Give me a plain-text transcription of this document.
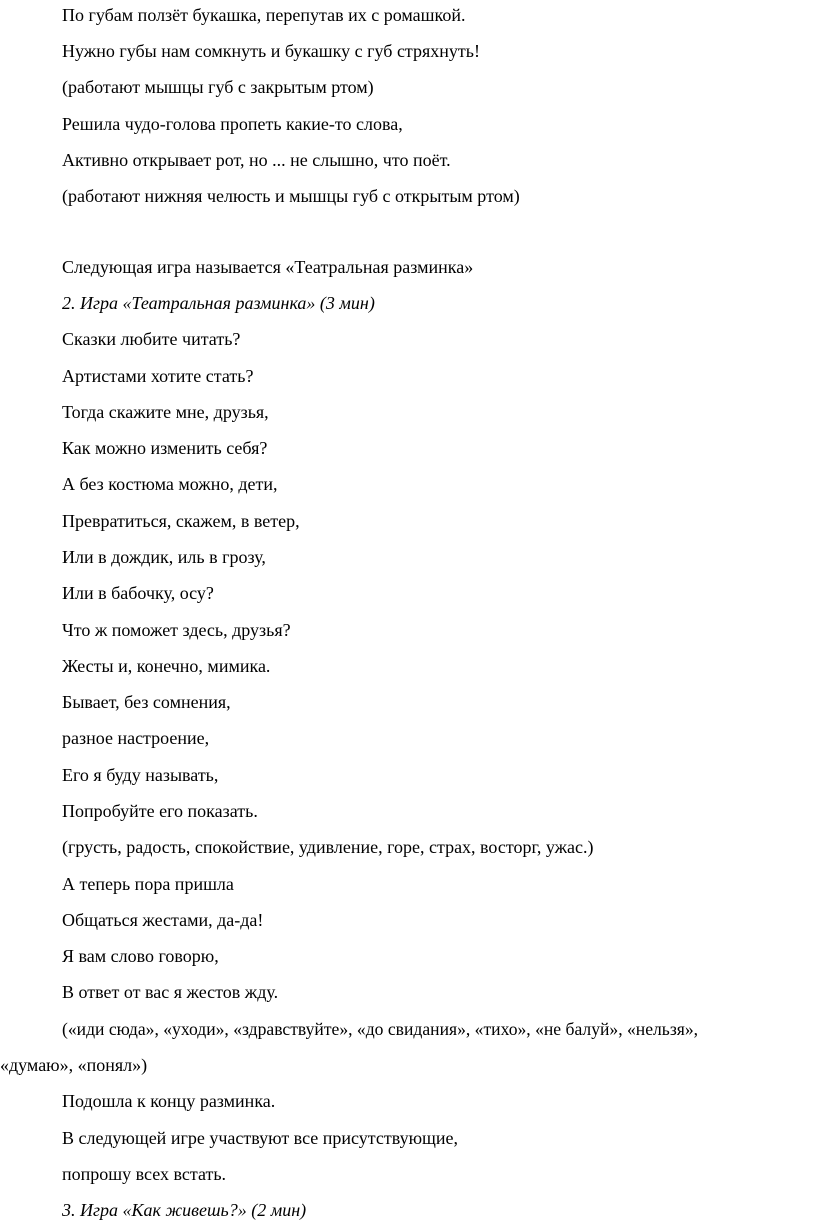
По губам ползёт букашка, перепутав их с ромашкой.
Нужно губы нам сомкнуть и букашку с губ стряхнуть!
(работают мышцы губ с закрытым ртом)
Решила чудо-голова пропеть какие-то слова,
Активно открывает рот, но ... не слышно, что поёт.
(работают нижняя челюсть и мышцы губ с открытым ртом)
Следующая игра называется «Театральная разминка»
2. Игра «Театральная разминка» (3 мин)
Сказки любите читать?
Артистами хотите стать?
Тогда скажите мне, друзья,
Как можно изменить себя?
А без костюма можно, дети,
Превратиться, скажем, в ветер,
Или в дождик, иль в грозу,
Или в бабочку, осу?
Что ж поможет здесь, друзья?
Жесты и, конечно, мимика.
Бывает, без сомнения,
разное настроение,
Его я буду называть,
Попробуйте его показать.
(грусть, радость, спокойствие, удивление, горе, страх, восторг, ужас.)
А теперь пора пришла
Общаться жестами, да-да!
Я вам слово говорю,
В ответ от вас я жестов жду.
(«иди сюда», «уходи», «здравствуйте», «до свидания», «тихо», «не балуй», «нельзя»,
«думаю», «понял»)
Подошла к концу разминка.
В следующей игре участвуют все присутствующие,
попрошу всех встать.
3. Игра «Как живешь?» (2 мин)
